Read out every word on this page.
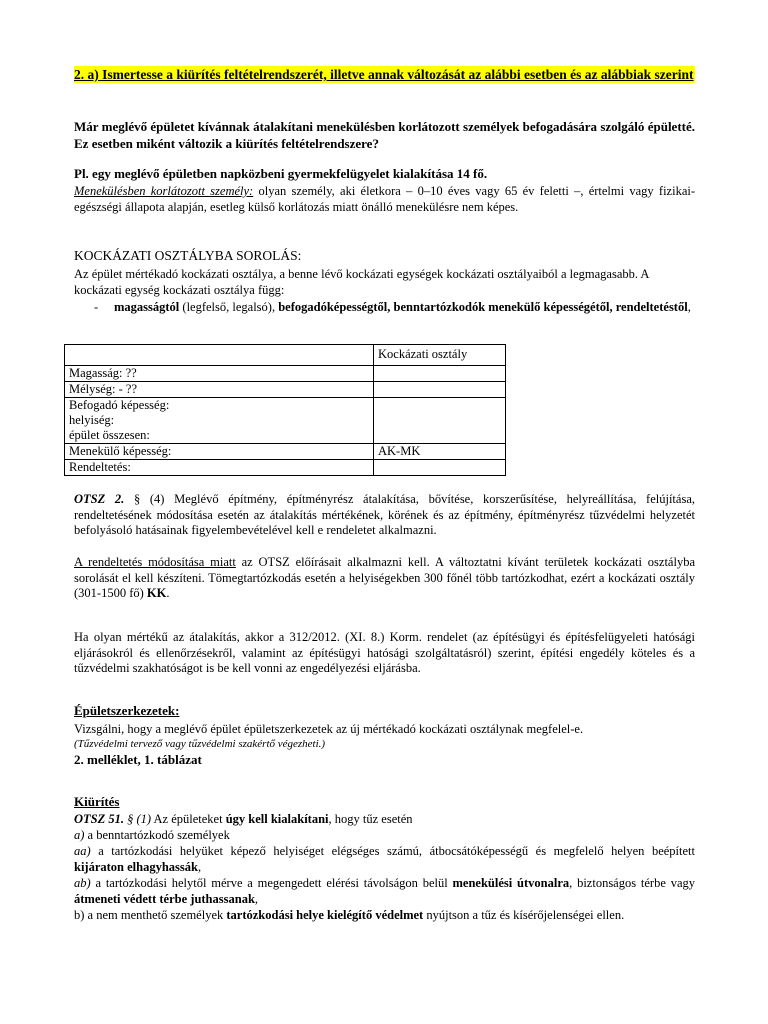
2. a) Ismertesse a kiürítés feltételrendszerét, illetve annak változását az alábbi esetben és az alábbiak szerint

Már meglévő épületet kívánnak átalakítani menekülésben korlátozott személyek befogadására szolgáló épületté. Ez esetben miként változik a kiürítés feltételrendszere?

Pl. egy meglévő épületben napközbeni gyermekfelügyelet kialakítása 14 fő.

Menekülésben korlátozott személy: olyan személy, aki életkora – 0–10 éves vagy 65 év feletti –, értelmi vagy fizikai-egészségi állapota alapján, esetleg külső korlátozás miatt önálló menekülésre nem képes.

KOCKÁZATI OSZTÁLYBA SOROLÁS:

Az épület mértékadó kockázati osztálya, a benne lévő kockázati egységek kockázati osztályaiból a legmagasabb. A kockázati egység kockázati osztálya függ:

- magasságtól (legfelső, legalsó), befogadóképességtől, benntartózkodók menekülő képességétől, rendeltetéstől,

	Kockázati osztály
Magasság: ??	
Mélység: - ??	

Befogadó képesség:
helyiség:
épület összesen:	

Menekülő képesség:	AK-MK
Rendeltetés:	

OTSZ 2. § (4) Meglévő építmény, építményrész átalakítása, bővítése, korszerűsítése, helyreállítása, felújítása, rendeltetésének módosítása esetén az átalakítás mértékének, körének és az építmény, építményrész tűzvédelmi helyzetét befolyásoló hatásainak figyelembevételével kell e rendeletet alkalmazni.

A rendeltetés módosítása miatt az OTSZ előírásait alkalmazni kell. A változtatni kívánt területek kockázati osztályba sorolását el kell készíteni. Tömegtartózkodás esetén a helyiségekben 300 főnél több tartózkodhat, ezért a kockázati osztály (301-1500 fő) KK.

Ha olyan mértékű az átalakítás, akkor a 312/2012. (XI. 8.) Korm. rendelet (az építésügyi és építésfelügyeleti hatósági eljárásokról és ellenőrzésekről, valamint az építésügyi hatósági szolgáltatásról) szerint, építési engedély köteles és a tűzvédelmi szakhatóságot is be kell vonni az engedélyezési eljárásba.

Épületszerkezetek:

Vizsgálni, hogy a meglévő épület épületszerkezetek az új mértékadó kockázati osztálynak megfelel-e.

(Tűzvédelmi tervező vagy tűzvédelmi szakértő végezheti.)

2. melléklet, 1. táblázat

Kiürítés

OTSZ 51. § (1) Az épületeket úgy kell kialakítani, hogy tűz esetén

a) a benntartózkodó személyek

aa) a tartózkodási helyüket képező helyiséget elégséges számú, átbocsátóképességű és megfelelő helyen beépített kijáraton elhagyhassák,

ab) a tartózkodási helytől mérve a megengedett elérési távolságon belül menekülési útvonalra, biztonságos térbe vagy átmeneti védett térbe juthassanak,

b) a nem menthető személyek tartózkodási helye kielégítő védelmet nyújtson a tűz és kísérőjelenségei ellen.
